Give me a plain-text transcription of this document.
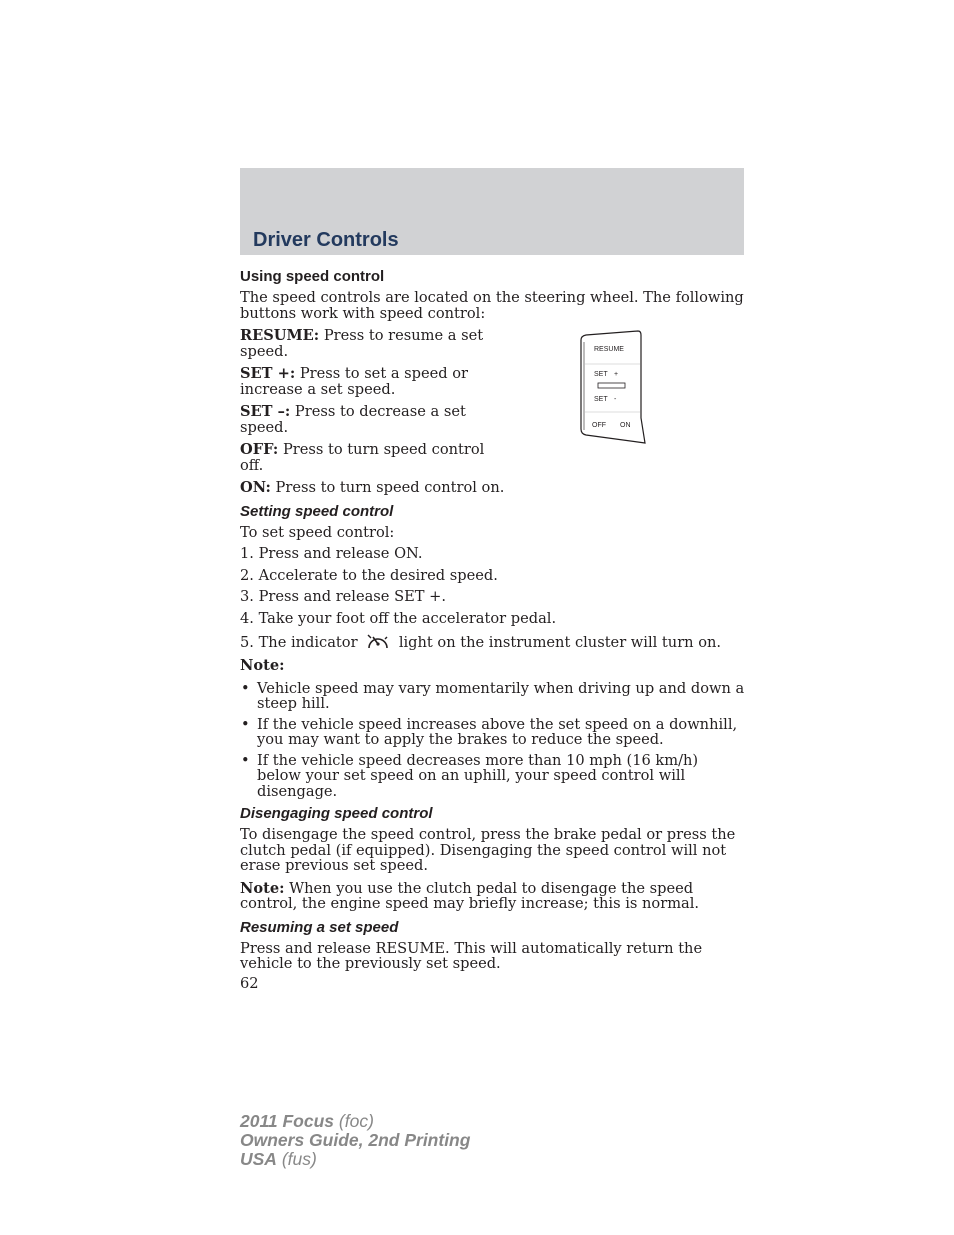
Driver Controls
RESUME
SET +
SET -
OFF ON
Using speed control

The speed controls are located on the steering wheel. The following buttons work with speed control:

RESUME: Press to resume a set speed.

SET +: Press to set a speed or increase a set speed.

SET –: Press to decrease a set speed.

OFF: Press to turn speed control off.

ON: Press to turn speed control on.

Setting speed control

To set speed control:

1. Press and release ON.

2. Accelerate to the desired speed.

3. Press and release SET +.

4. Take your foot off the accelerator pedal.

5. The indicator	light on the instrument cluster will turn on.

Note:

• Vehicle speed may vary momentarily when driving up and down a steep hill.
• If the vehicle speed increases above the set speed on a downhill, you may want to apply the brakes to reduce the speed.
• If the vehicle speed decreases more than 10 mph (16 km/h) below your set speed on an uphill, your speed control will disengage.
Disengaging speed control

To disengage the speed control, press the brake pedal or press the clutch pedal (if equipped). Disengaging the speed control will not erase previous set speed.

Note: When you use the clutch pedal to disengage the speed control, the engine speed may briefly increase; this is normal.

Resuming a set speed

Press and release RESUME. This will automatically return the vehicle to the previously set speed.

62
2011 Focus (foc)
Owners Guide, 2nd Printing
USA (fus)
